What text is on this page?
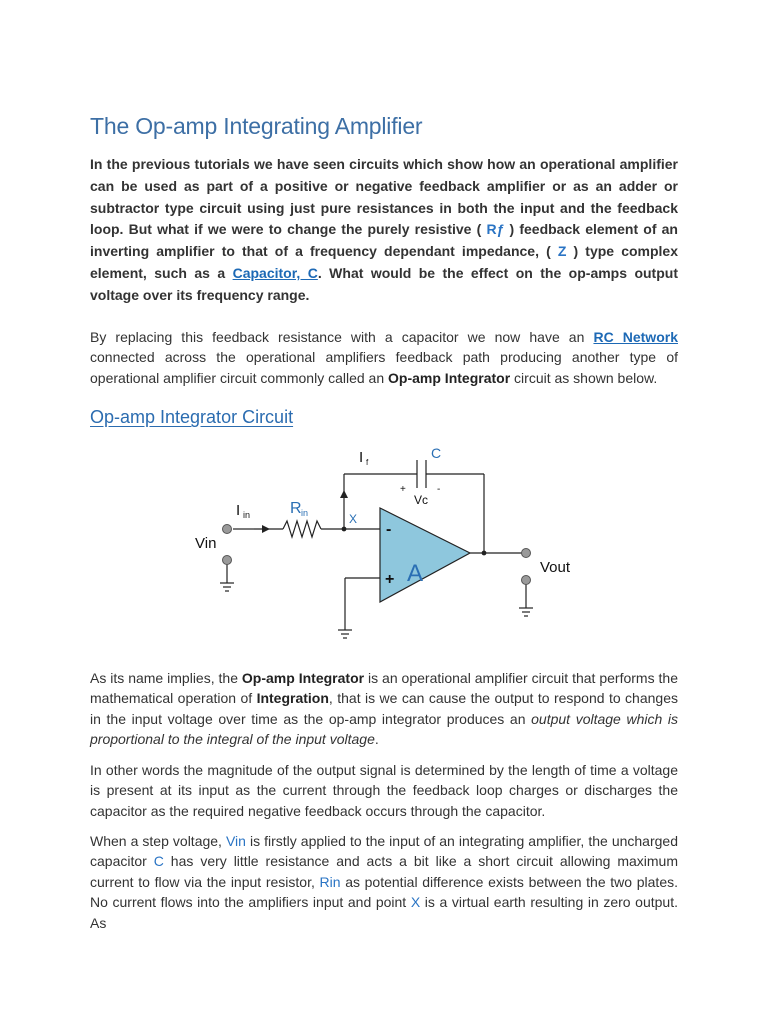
The Op-amp Integrating Amplifier

In the previous tutorials we have seen circuits which show how an operational amplifier can be used as part of a positive or negative feedback amplifier or as an adder or subtractor type circuit using just pure resistances in both the input and the feedback loop. But what if we were to change the purely resistive ( Rƒ ) feedback element of an inverting amplifier to that of a frequency dependant impedance, ( Z ) type complex element, such as a Capacitor, C. What would be the effect on the op-amps output voltage over its frequency range.

By replacing this feedback resistance with a capacitor we now have an RC Network connected across the operational amplifiers feedback path producing another type of operational amplifier circuit commonly called an Op-amp Integrator circuit as shown below.

Op-amp Integrator Circuit
A
-
+
I f
C
+	-
Vc
I in R in	X
Vin
Vout

As its name implies, the Op-amp Integrator is an operational amplifier circuit that performs the mathematical operation of Integration, that is we can cause the output to respond to changes in the input voltage over time as the op-amp integrator produces an output voltage which is proportional to the integral of the input voltage.

In other words the magnitude of the output signal is determined by the length of time a voltage is present at its input as the current through the feedback loop charges or discharges the capacitor as the required negative feedback occurs through the capacitor.

When a step voltage, Vin is firstly applied to the input of an integrating amplifier, the uncharged capacitor C has very little resistance and acts a bit like a short circuit allowing maximum current to flow via the input resistor, Rin as potential difference exists between the two plates. No current flows into the amplifiers input and point X is a virtual earth resulting in zero output. As
